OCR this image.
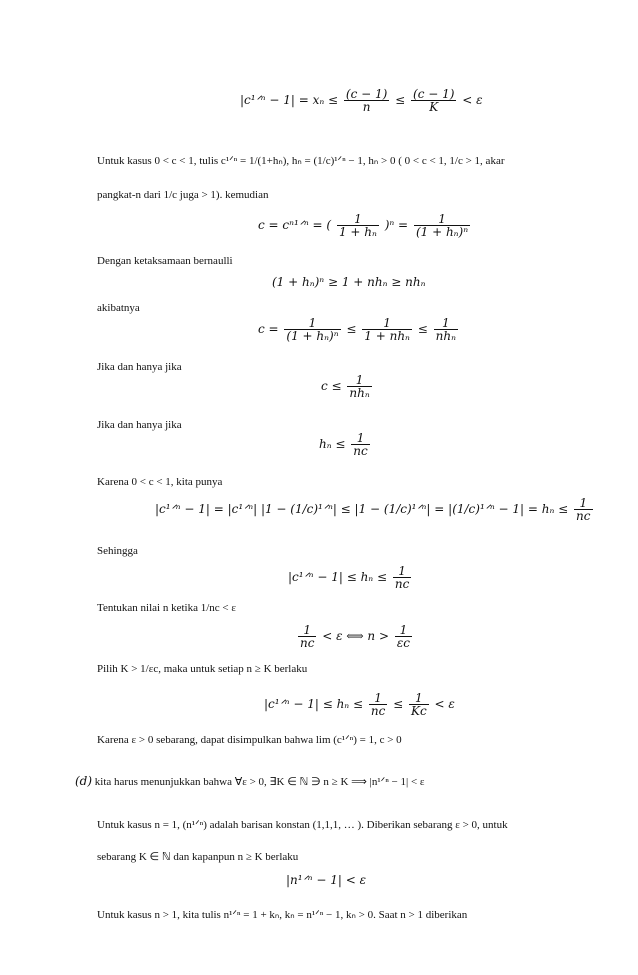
|c¹ᐟⁿ − $1| = x_n \le \frac{(c - 1)}{n} \le \frac{(c - 1)}{K} < \varepsilon$
Untuk kasus 0 < c < 1, tulis c¹ᐟⁿ = 1/(1+hₙ), hₙ = (1/c)¹ᐟⁿ − 1, hₙ > 0 ( 0 < c < 1, 1/c > 1, akar
pangkat-n dari 1/c juga > 1). kemudian
c = cⁿ¹ᐟⁿ = ( $\frac{1}{\text{1 + hₙ}} )^n = \frac{1}{\text{(1 + hₙ)ⁿ}}$
Dengan ketaksamaan bernaulli
(1 + hₙ)ⁿ ≥ 1 + nhₙ ≥ nhₙ
akibatnya
$c = \frac{1}{\text{(1 + hₙ)ⁿ}} \le \frac{1}{\text{1 + nhₙ}} \le \frac{1}{\text{nhₙ}}$
Jika dan hanya jika
$c \le \frac{1}{\text{nhₙ}}$
Jika dan hanya jika
$h_n \le \frac{1}{nc}$
Karena 0 < c < 1, kita punya
|c¹ᐟⁿ − 1| = |c¹ᐟⁿ| |1 − (1/c)¹ᐟⁿ| ≤ |1 − (1/c)¹ᐟⁿ| = |(1/c)¹ᐟⁿ − $1| = h_n \le \frac{1}{nc}$
Sehingga
|c¹ᐟⁿ − $1| \le h_n \le \frac{1}{nc}$
Tentukan nilai n ketika 1/nc < ε
$\frac{1}{nc} < \varepsilon$ ⟺ $n > \frac{1}{\varepsilon c}$
Pilih K > 1/εc, maka untuk setiap n ≥ K berlaku
|c¹ᐟⁿ − $1| \le h_n \le \frac{1}{nc} \le \frac{1}{Kc} < \varepsilon$
Karena ε > 0 sebarang, dapat disimpulkan bahwa lim (c¹ᐟⁿ) = 1, c > 0
(d) kita harus menunjukkan bahwa ∀ε > 0, ∃K ∈ ℕ ∋ n ≥ K ⟹ |n¹ᐟⁿ − 1| < ε
Untuk kasus n = 1, (n¹ᐟⁿ) adalah barisan konstan (1,1,1, … ). Diberikan sebarang ε > 0, untuk
sebarang K ∈ ℕ dan kapanpun n ≥ K berlaku
|n¹ᐟⁿ − 1| < ε
Untuk kasus n > 1, kita tulis n¹ᐟⁿ = 1 + kₙ, kₙ = n¹ᐟⁿ − 1, kₙ > 0. Saat n > 1 diberikan
